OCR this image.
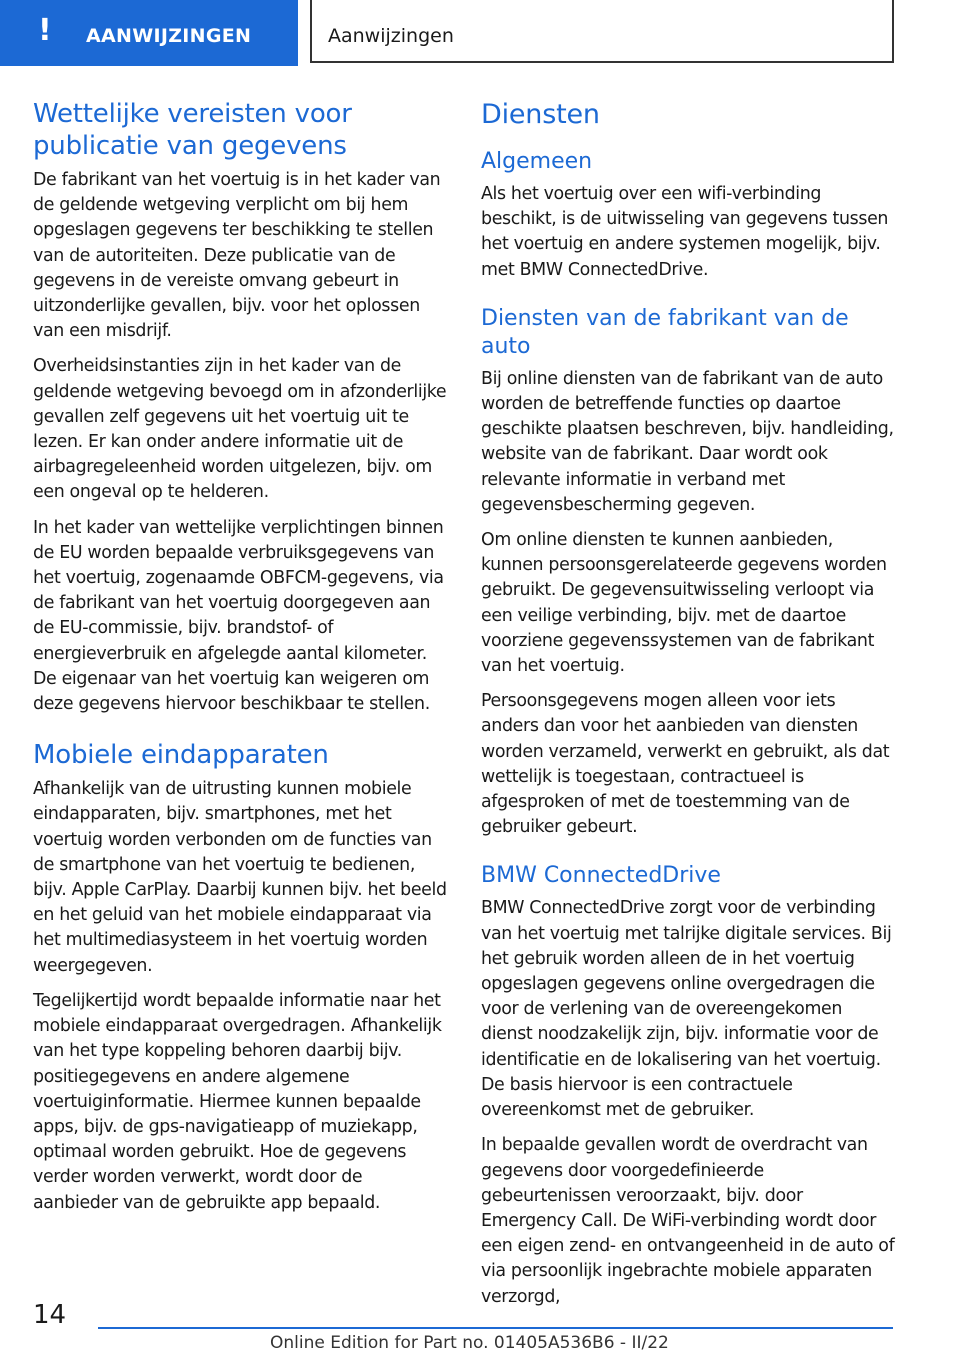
! AANWIJZINGEN	Aanwijzingen
Wettelijke vereisten voor publicatie van gegevens

De fabrikant van het voertuig is in het kader van de geldende wetgeving verplicht om bij hem opgeslagen gegevens ter beschikking te stellen van de autoriteiten. Deze publicatie van de gegevens in de vereiste omvang gebeurt in uitzonderlijke gevallen, bijv. voor het oplossen van een misdrijf.

Overheidsinstanties zijn in het kader van de geldende wetgeving bevoegd om in afzonderlijke gevallen zelf gegevens uit het voertuig uit te lezen. Er kan onder andere informatie uit de airbagregeleenheid worden uitgelezen, bijv. om een ongeval op te helderen.

In het kader van wettelijke verplichtingen binnen de EU worden bepaalde verbruiksgegevens van het voertuig, zogenaamde OBFCM-gegevens, via de fabrikant van het voertuig doorgegeven aan de EU-commissie, bijv. brandstof- of energieverbruik en afgelegde aantal kilometer. De eigenaar van het voertuig kan weigeren om deze gegevens hiervoor beschikbaar te stellen.

Mobiele eindapparaten

Afhankelijk van de uitrusting kunnen mobiele eindapparaten, bijv. smartphones, met het voertuig worden verbonden om de functies van de smartphone van het voertuig te bedienen, bijv. Apple CarPlay. Daarbij kunnen bijv. het beeld en het geluid van het mobiele eindapparaat via het multimediasysteem in het voertuig worden weergegeven.

Tegelijkertijd wordt bepaalde informatie naar het mobiele eindapparaat overgedragen. Afhankelijk van het type koppeling behoren daarbij bijv. positiegegevens en andere algemene voertuiginformatie. Hiermee kunnen bepaalde apps, bijv. de gps-navigatieapp of muziekapp, optimaal worden gebruikt. Hoe de gegevens verder worden verwerkt, wordt door de aanbieder van de gebruikte app bepaald.

Diensten
Algemeen

Als het voertuig over een wifi-verbinding beschikt, is de uitwisseling van gegevens tussen het voertuig en andere systemen mogelijk, bijv. met BMW ConnectedDrive.

Diensten van de fabrikant van de auto

Bij online diensten van de fabrikant van de auto worden de betreffende functies op daartoe geschikte plaatsen beschreven, bijv. handleiding, website van de fabrikant. Daar wordt ook relevante informatie in verband met gegevensbescherming gegeven.

Om online diensten te kunnen aanbieden, kunnen persoonsgerelateerde gegevens worden gebruikt. De gegevensuitwisseling verloopt via een veilige verbinding, bijv. met de daartoe voorziene gegevenssystemen van de fabrikant van het voertuig.

Persoonsgegevens mogen alleen voor iets anders dan voor het aanbieden van diensten worden verzameld, verwerkt en gebruikt, als dat wettelijk is toegestaan, contractueel is afgesproken of met de toestemming van de gebruiker gebeurt.

BMW ConnectedDrive

BMW ConnectedDrive zorgt voor de verbinding van het voertuig met talrijke digitale services. Bij het gebruik worden alleen de in het voertuig opgeslagen gegevens online overgedragen die voor de verlening van de overeengekomen dienst noodzakelijk zijn, bijv. informatie voor de identificatie en de lokalisering van het voertuig. De basis hiervoor is een contractuele overeenkomst met de gebruiker.

In bepaalde gevallen wordt de overdracht van gegevens door voorgedefinieerde gebeurtenissen veroorzaakt, bijv. door Emergency Call. De WiFi-verbinding wordt door een eigen zend- en ontvangeenheid in de auto of via persoonlijk ingebrachte mobiele apparaten verzorgd,

14
Online Edition for Part no. 01405A536B6 - II/22
